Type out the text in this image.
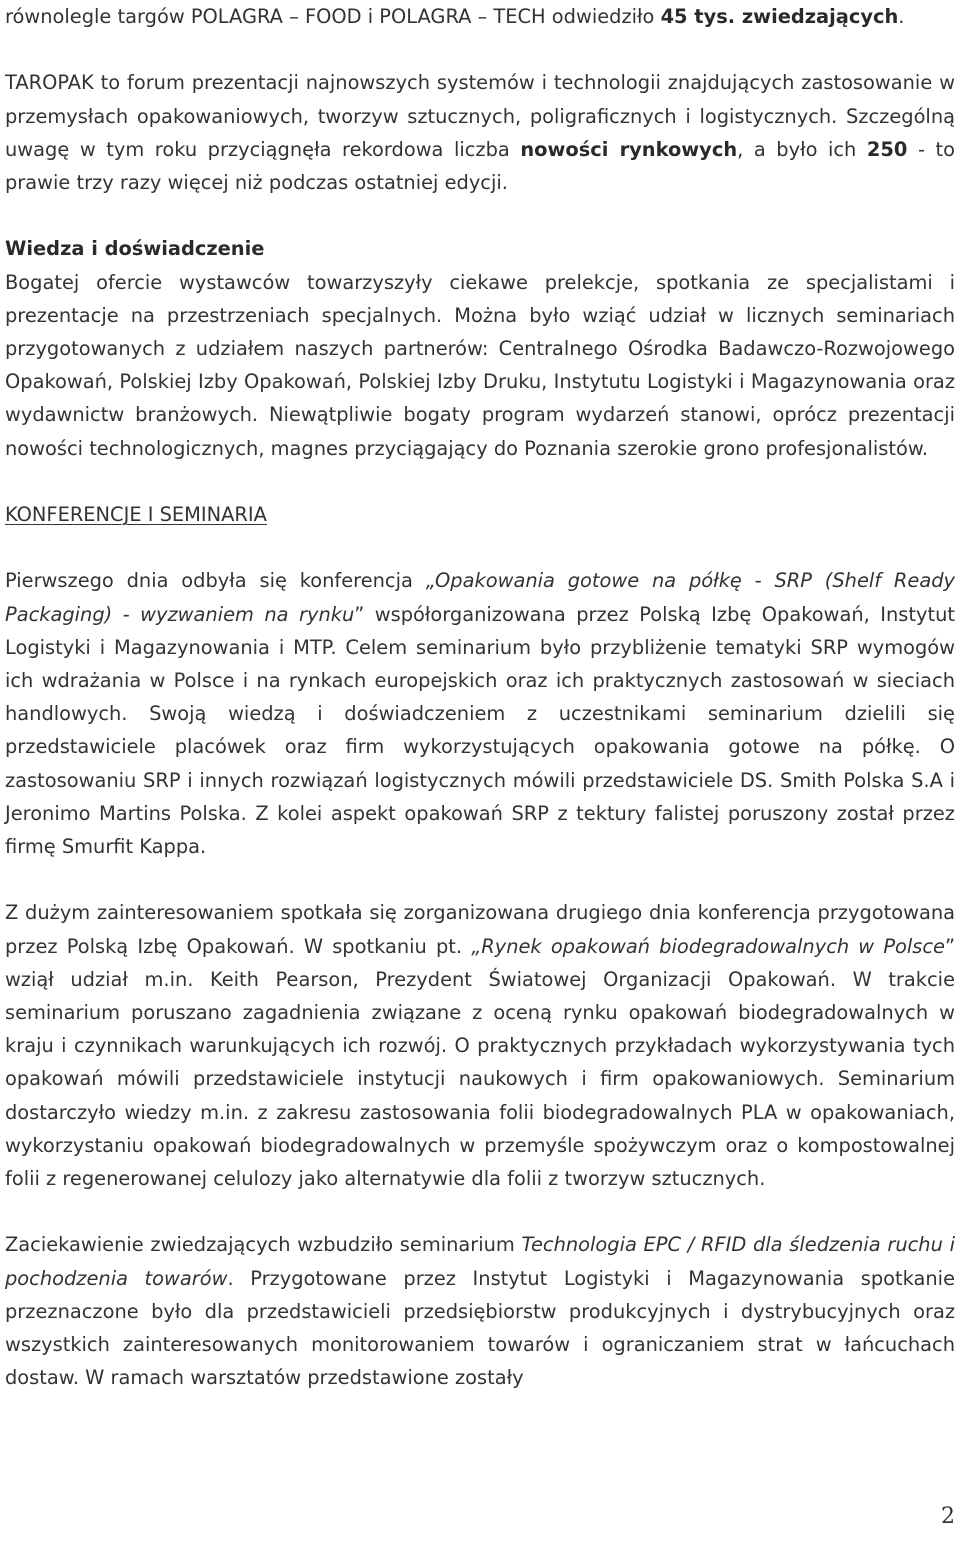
równolegle targów POLAGRA – FOOD i POLAGRA – TECH odwiedziło 45 tys. zwiedzających.

TAROPAK to forum prezentacji najnowszych systemów i technologii znajdujących zastosowanie w przemysłach opakowaniowych, tworzyw sztucznych, poligraficznych i logistycznych. Szczególną uwagę w tym roku przyciągnęła rekordowa liczba nowości rynkowych, a było ich 250 - to prawie trzy razy więcej niż podczas ostatniej edycji.

Wiedza i doświadczenie

Bogatej ofercie wystawców towarzyszyły ciekawe prelekcje, spotkania ze specjalistami i prezentacje na przestrzeniach specjalnych. Można było wziąć udział w licznych seminariach przygotowanych z udziałem naszych partnerów: Centralnego Ośrodka Badawczo-Rozwojowego Opakowań, Polskiej Izby Opakowań, Polskiej Izby Druku, Instytutu Logistyki i Magazynowania oraz wydawnictw branżowych. Niewątpliwie bogaty program wydarzeń stanowi, oprócz prezentacji nowości technologicznych, magnes przyciągający do Poznania szerokie grono profesjonalistów.

KONFERENCJE I SEMINARIA

Pierwszego dnia odbyła się konferencja „Opakowania gotowe na półkę - SRP (Shelf Ready Packaging) - wyzwaniem na rynku” współorganizowana przez Polską Izbę Opakowań, Instytut Logistyki i Magazynowania i MTP. Celem seminarium było przybliżenie tematyki SRP wymogów ich wdrażania w Polsce i na rynkach europejskich oraz ich praktycznych zastosowań w sieciach handlowych. Swoją wiedzą i doświadczeniem z uczestnikami seminarium dzielili się przedstawiciele placówek oraz firm wykorzystujących opakowania gotowe na półkę. O zastosowaniu SRP i innych rozwiązań logistycznych mówili przedstawiciele DS. Smith Polska S.A i Jeronimo Martins Polska. Z kolei aspekt opakowań SRP z tektury falistej poruszony został przez firmę Smurfit Kappa.

Z dużym zainteresowaniem spotkała się zorganizowana drugiego dnia konferencja przygotowana przez Polską Izbę Opakowań. W spotkaniu pt. „Rynek opakowań biodegradowalnych w Polsce” wziął udział m.in. Keith Pearson, Prezydent Światowej Organizacji Opakowań. W trakcie seminarium poruszano zagadnienia związane z oceną rynku opakowań biodegradowalnych w kraju i czynnikach warunkujących ich rozwój. O praktycznych przykładach wykorzystywania tych opakowań mówili przedstawiciele instytucji naukowych i firm opakowaniowych. Seminarium dostarczyło wiedzy m.in. z zakresu zastosowania folii biodegradowalnych PLA w opakowaniach, wykorzystaniu opakowań biodegradowalnych w przemyśle spożywczym oraz o kompostowalnej folii z regenerowanej celulozy jako alternatywie dla folii z tworzyw sztucznych.

Zaciekawienie zwiedzających wzbudziło seminarium Technologia EPC / RFID dla śledzenia ruchu i pochodzenia towarów. Przygotowane przez Instytut Logistyki i Magazynowania spotkanie przeznaczone było dla przedstawicieli przedsiębiorstw produkcyjnych i dystrybucyjnych oraz wszystkich zainteresowanych monitorowaniem towarów i ograniczaniem strat w łańcuchach dostaw. W ramach warsztatów przedstawione zostały

2
